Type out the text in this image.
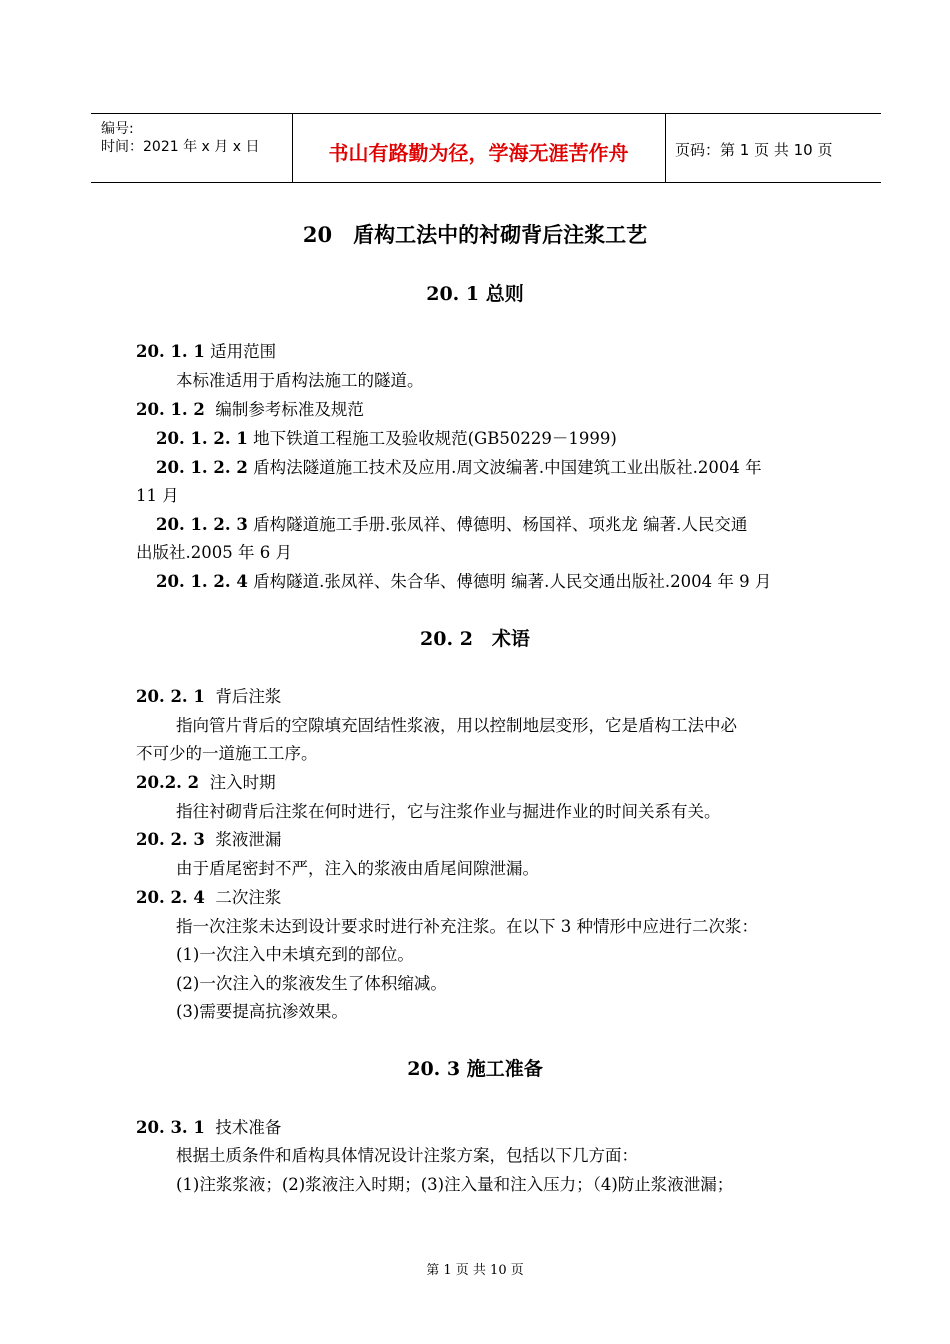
编号:
时间：2021 年 x 月 x 日	书山有路勤为径，学海无涯苦作舟	页码：第 1 页 共 10 页
20　盾构工法中的衬砌背后注浆工艺
20. 1 总则
20. 1. 1 适用范围
本标准适用于盾构法施工的隧道。
20. 1. 2 编制参考标准及规范
20. 1. 2. 1 地下铁道工程施工及验收规范(GB50229－1999)
20. 1. 2. 2 盾构法隧道施工技术及应用.周文波编著.中国建筑工业出版社.2004 年
11 月
20. 1. 2. 3 盾构隧道施工手册.张凤祥、傅德明、杨国祥、项兆龙 编著.人民交通
出版社.2005 年 6 月
20. 1. 2. 4 盾构隧道.张凤祥、朱合华、傅德明 编著.人民交通出版社.2004 年 9 月
20. 2　术语
20. 2. 1 背后注浆
指向管片背后的空隙填充固结性浆液，用以控制地层变形，它是盾构工法中必
不可少的一道施工工序。
20.2. 2 注入时期
指往衬砌背后注浆在何时进行，它与注浆作业与掘进作业的时间关系有关。
20. 2. 3 浆液泄漏
由于盾尾密封不严，注入的浆液由盾尾间隙泄漏。
20. 2. 4 二次注浆
指一次注浆未达到设计要求时进行补充注浆。在以下 3 种情形中应进行二次浆：
(1)一次注入中未填充到的部位。
(2)一次注入的浆液发生了体积缩减。
(3)需要提高抗渗效果。
20. 3 施工准备
20. 3. 1 技术准备
根据土质条件和盾构具体情况设计注浆方案，包括以下几方面：
(1)注浆浆液；(2)浆液注入时期；(3)注入量和注入压力；（4)防止浆液泄漏；
第 1 页 共 10 页
